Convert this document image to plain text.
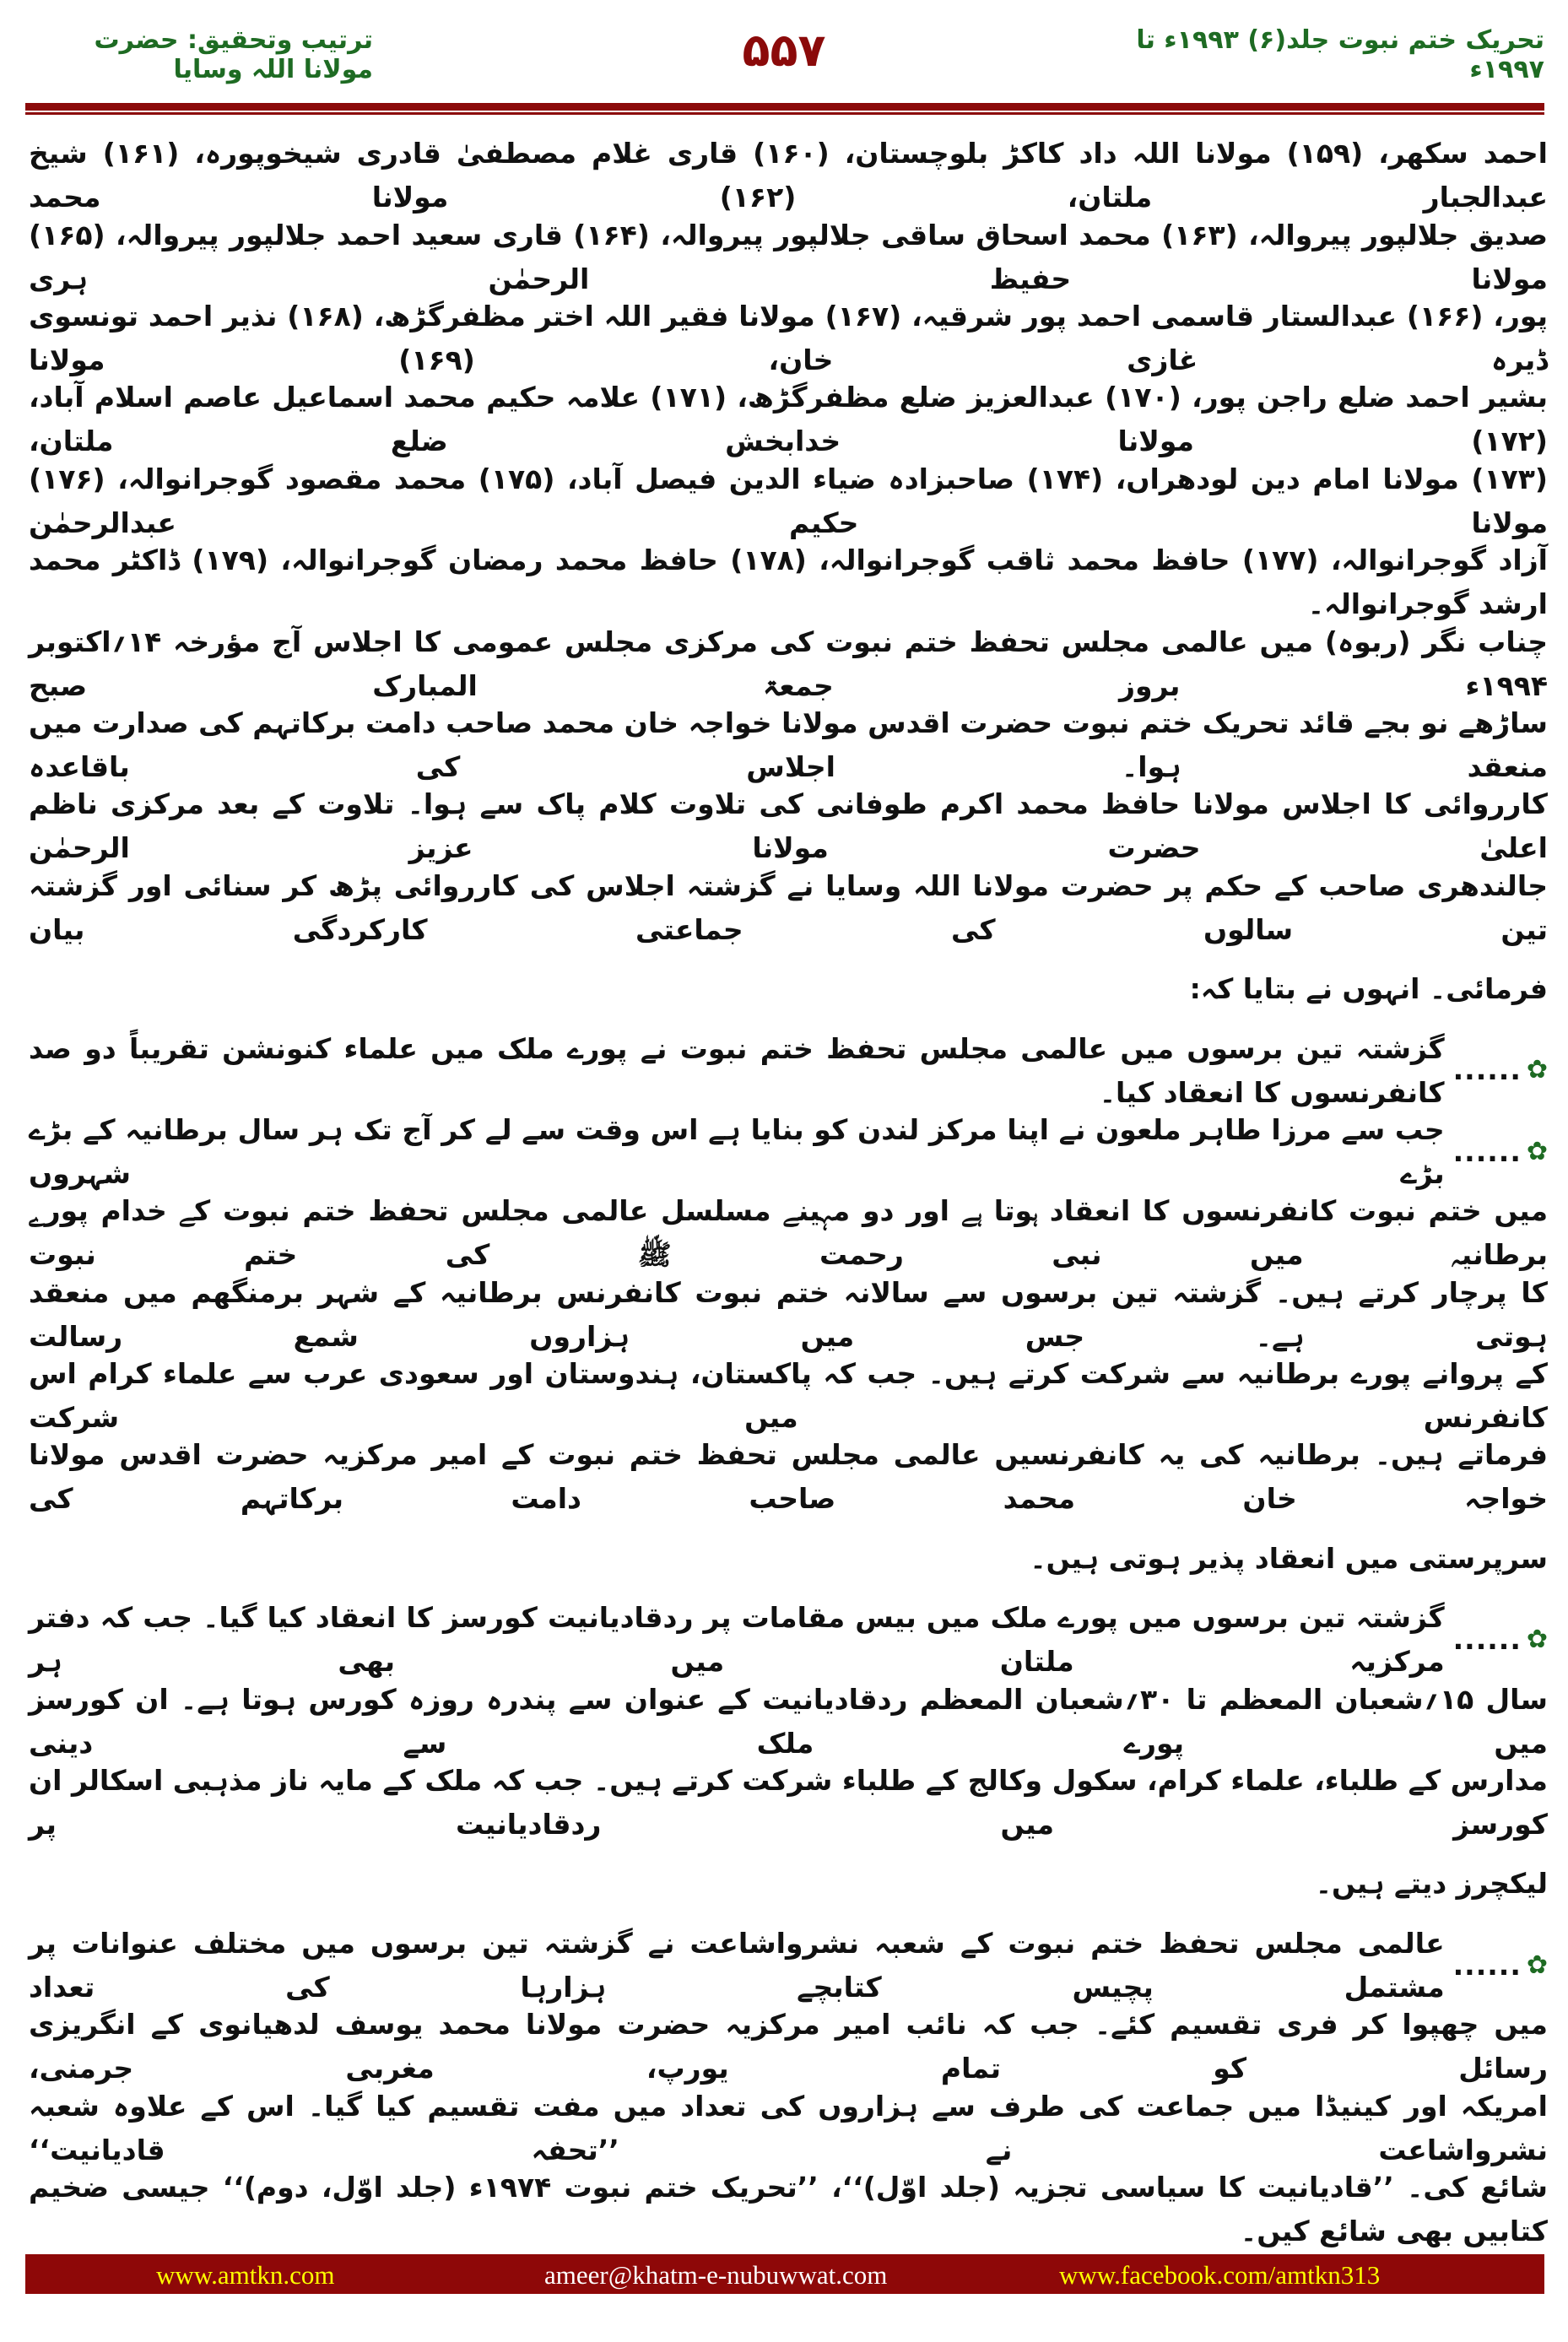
تحریک ختم نبوت جلد(۶) ۱۹۹۳ء تا ۱۹۹۷ء
۵۵۷
ترتیب وتحقیق: حضرت مولانا اللہ وسایا
احمد سکھر، (۱۵۹) مولانا اللہ داد کاکڑ بلوچستان، (۱۶۰) قاری غلام مصطفیٰ قادری شیخوپورہ، (۱۶۱) شیخ عبدالجبار ملتان، (۱۶۲) مولانا محمد
صدیق جلالپور پیروالہ، (۱۶۳) محمد اسحاق ساقی جلالپور پیروالہ، (۱۶۴) قاری سعید احمد جلالپور پیروالہ، (۱۶۵) مولانا حفیظ الرحمٰن ہری
پور، (۱۶۶) عبدالستار قاسمی احمد پور شرقیہ، (۱۶۷) مولانا فقیر اللہ اختر مظفرگڑھ، (۱۶۸) نذیر احمد تونسوی ڈیرہ غازی خان، (۱۶۹) مولانا
بشیر احمد ضلع راجن پور، (۱۷۰) عبدالعزیز ضلع مظفرگڑھ، (۱۷۱) علامہ حکیم محمد اسماعیل عاصم اسلام آباد، (۱۷۲) مولانا خدابخش ضلع ملتان،
(۱۷۳) مولانا امام دین لودھراں، (۱۷۴) صاحبزادہ ضیاء الدین فیصل آباد، (۱۷۵) محمد مقصود گوجرانوالہ، (۱۷۶) مولانا حکیم عبدالرحمٰن
آزاد گوجرانوالہ، (۱۷۷) حافظ محمد ثاقب گوجرانوالہ، (۱۷۸) حافظ محمد رمضان گوجرانوالہ، (۱۷۹) ڈاکٹر محمد ارشد گوجرانوالہ۔
چناب نگر (ربوہ) میں عالمی مجلس تحفظ ختم نبوت کی مرکزی مجلس عمومی کا اجلاس آج مؤرخہ ۱۴؍اکتوبر ۱۹۹۴ء بروز جمعۃ المبارک صبح
ساڑھے نو بجے قائد تحریک ختم نبوت حضرت اقدس مولانا خواجہ خان محمد صاحب دامت برکاتہم کی صدارت میں منعقد ہوا۔ اجلاس کی باقاعدہ
کارروائی کا اجلاس مولانا حافظ محمد اکرم طوفانی کی تلاوت کلام پاک سے ہوا۔ تلاوت کے بعد مرکزی ناظم اعلیٰ حضرت مولانا عزیز الرحمٰن
جالندھری صاحب کے حکم پر حضرت مولانا اللہ وسایا نے گزشتہ اجلاس کی کارروائی پڑھ کر سنائی اور گزشتہ تین سالوں کی جماعتی کارکردگی بیان
فرمائی۔ انہوں نے بتایا کہ:
✿
......
گزشتہ تین برسوں میں عالمی مجلس تحفظ ختم نبوت نے پورے ملک میں علماء کنونشن تقریباً دو صد کانفرنسوں کا انعقاد کیا۔
✿
......
جب سے مرزا طاہر ملعون نے اپنا مرکز لندن کو بنایا ہے اس وقت سے لے کر آج تک ہر سال برطانیہ کے بڑے بڑے شہروں
میں ختم نبوت کانفرنسوں کا انعقاد ہوتا ہے اور دو مہینے مسلسل عالمی مجلس تحفظ ختم نبوت کے خدام پورے برطانیہ میں نبی رحمت ﷺ کی ختم نبوت
کا پرچار کرتے ہیں۔ گزشتہ تین برسوں سے سالانہ ختم نبوت کانفرنس برطانیہ کے شہر برمنگھم میں منعقد ہوتی ہے۔ جس میں ہزاروں شمع رسالت
کے پروانے پورے برطانیہ سے شرکت کرتے ہیں۔ جب کہ پاکستان، ہندوستان اور سعودی عرب سے علماء کرام اس کانفرنس میں شرکت
فرماتے ہیں۔ برطانیہ کی یہ کانفرنسیں عالمی مجلس تحفظ ختم نبوت کے امیر مرکزیہ حضرت اقدس مولانا خواجہ خان محمد صاحب دامت برکاتہم کی
سرپرستی میں انعقاد پذیر ہوتی ہیں۔
✿
......
گزشتہ تین برسوں میں پورے ملک میں بیس مقامات پر ردقادیانیت کورسز کا انعقاد کیا گیا۔ جب کہ دفتر مرکزیہ ملتان میں بھی ہر
سال ۱۵؍شعبان المعظم تا ۳۰؍شعبان المعظم ردقادیانیت کے عنوان سے پندرہ روزہ کورس ہوتا ہے۔ ان کورسز میں پورے ملک سے دینی
مدارس کے طلباء، علماء کرام، سکول وکالج کے طلباء شرکت کرتے ہیں۔ جب کہ ملک کے مایہ ناز مذہبی اسکالر ان کورسز میں ردقادیانیت پر
لیکچرز دیتے ہیں۔
✿
......
عالمی مجلس تحفظ ختم نبوت کے شعبہ نشرواشاعت نے گزشتہ تین برسوں میں مختلف عنوانات پر مشتمل پچیس کتابچے ہزارہا کی تعداد
میں چھپوا کر فری تقسیم کئے۔ جب کہ نائب امیر مرکزیہ حضرت مولانا محمد یوسف لدھیانوی کے انگریزی رسائل کو تمام یورپ، مغربی جرمنی،
امریکہ اور کینیڈا میں جماعت کی طرف سے ہزاروں کی تعداد میں مفت تقسیم کیا گیا۔ اس کے علاوہ شعبہ نشرواشاعت نے ’’تحفہ قادیانیت‘‘
شائع کی۔ ’’قادیانیت کا سیاسی تجزیہ (جلد اوّل)‘‘، ’’تحریک ختم نبوت ۱۹۷۴ء (جلد اوّل، دوم)‘‘ جیسی ضخیم کتابیں بھی شائع کیں۔
www.amtkn.com	ameer@khatm-e-nubuwwat.com	www.facebook.com/amtkn313
